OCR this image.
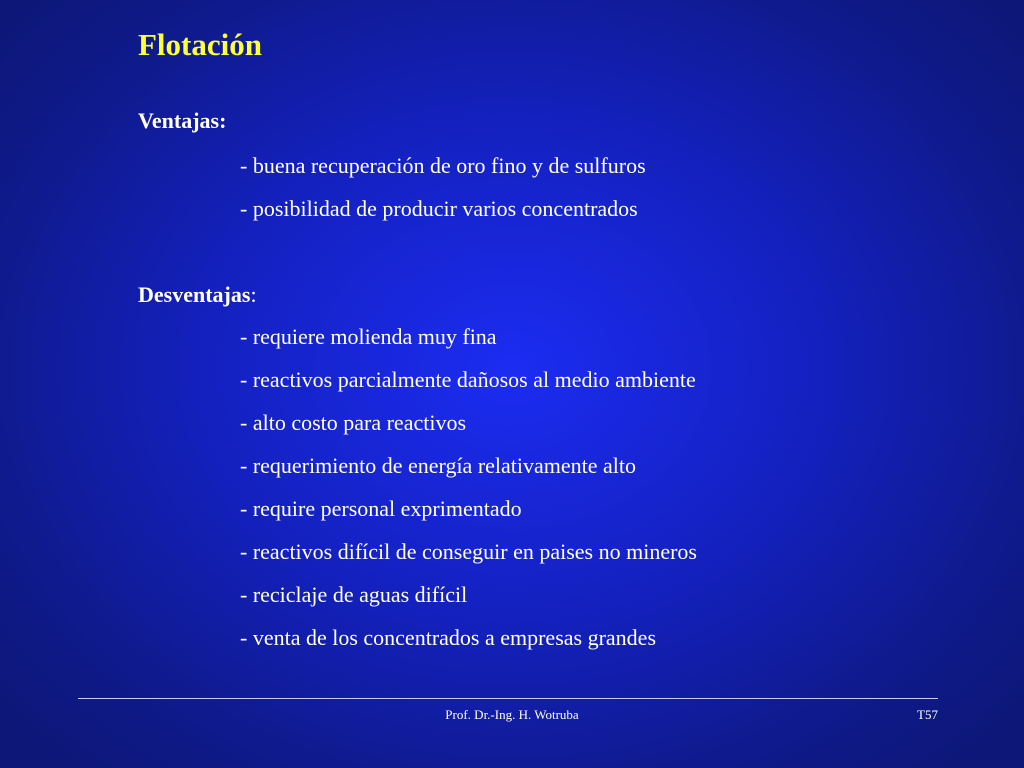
Flotación
Ventajas:
- buena recuperación de oro fino y de sulfuros
- posibilidad de producir varios concentrados
Desventajas:
- requiere molienda muy fina
- reactivos parcialmente dañosos al medio ambiente
- alto costo para reactivos
- requerimiento de energía relativamente alto
- require personal exprimentado
- reactivos difícil de conseguir en paises no mineros
- reciclaje de aguas difícil
- venta de los concentrados a empresas grandes
Prof. Dr.-Ing. H. Wotruba	T57
